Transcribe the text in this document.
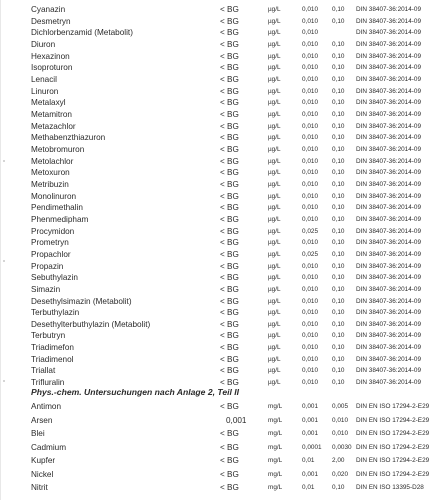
Cyanazin	< BG	µg/L	0,010 0,10 DIN 38407-36:2014-09
Desmetryn	< BG	µg/L	0,010 0,10 DIN 38407-36:2014-09
Dichlorbenzamid (Metabolit)	< BG	µg/L	0,010	DIN 38407-36:2014-09
Diuron	< BG	µg/L	0,010 0,10 DIN 38407-36:2014-09
Hexazinon	< BG	µg/L	0,010 0,10 DIN 38407-36:2014-09
Isoproturon	< BG	µg/L	0,010 0,10 DIN 38407-36:2014-09
Lenacil	< BG	µg/L	0,010 0,10 DIN 38407-36:2014-09
Linuron	< BG	µg/L	0,010 0,10 DIN 38407-36:2014-09
Metalaxyl	< BG	µg/L	0,010 0,10 DIN 38407-36:2014-09
Metamitron	< BG	µg/L	0,010 0,10 DIN 38407-36:2014-09
Metazachlor	< BG	µg/L	0,010 0,10 DIN 38407-36:2014-09
Methabenzthiazuron	< BG	µg/L	0,010 0,10 DIN 38407-36:2014-09
Metobromuron	< BG	µg/L	0,010 0,10 DIN 38407-36:2014-09
Metolachlor	< BG	µg/L	0,010 0,10 DIN 38407-36:2014-09
Metoxuron	< BG	µg/L	0,010 0,10 DIN 38407-36:2014-09
Metribuzin	< BG	µg/L	0,010 0,10 DIN 38407-36:2014-09
Monolinuron	< BG	µg/L	0,010 0,10 DIN 38407-36:2014-09
Pendimethalin	< BG	µg/L	0,010 0,10 DIN 38407-36:2014-09
Phenmedipham	< BG	µg/L	0,010 0,10 DIN 38407-36:2014-09
Procymidon	< BG	µg/L	0,025 0,10 DIN 38407-36:2014-09
Prometryn	< BG	µg/L	0,010 0,10 DIN 38407-36:2014-09
Propachlor	< BG	µg/L	0,025 0,10 DIN 38407-36:2014-09
Propazin	< BG	µg/L	0,010 0,10 DIN 38407-36:2014-09
Sebuthylazin	< BG	µg/L	0,010 0,10 DIN 38407-36:2014-09
Simazin	< BG	µg/L	0,010 0,10 DIN 38407-36:2014-09
Desethylsimazin (Metabolit)	< BG	µg/L	0,010 0,10 DIN 38407-36:2014-09
Terbuthylazin	< BG	µg/L	0,010 0,10 DIN 38407-36:2014-09
Desethylterbuthylazin (Metabolit)	< BG	µg/L	0,010 0,10 DIN 38407-36:2014-09
Terbutryn	< BG	µg/L	0,010 0,10 DIN 38407-36:2014-09
Triadimefon	< BG	µg/L	0,010 0,10 DIN 38407-36:2014-09
Triadimenol	< BG	µg/L	0,010 0,10 DIN 38407-36:2014-09
Triallat	< BG	µg/L	0,010 0,10 DIN 38407-36:2014-09
Trifluralin	< BG	µg/L	0,010 0,10 DIN 38407-36:2014-09
Phys.-chem. Untersuchungen nach Anlage 2, Teil II
Antimon	< BG	mg/L	0,001 0,005 DIN EN ISO 17294-2-E29
Arsen	0,001	mg/L	0,001 0,010 DIN EN ISO 17294-2-E29
Blei	< BG	mg/L	0,001 0,010 DIN EN ISO 17294-2-E29
Cadmium	< BG	mg/L	0,0001 0,0030 DIN EN ISO 17294-2-E29
Kupfer	< BG	mg/L	0,01	2,00 DIN EN ISO 17294-2-E29
Nickel	< BG	mg/L	0,001 0,020 DIN EN ISO 17294-2-E29
Nitrit	< BG	mg/L	0,01	0,10 DIN EN ISO 13395-D28
